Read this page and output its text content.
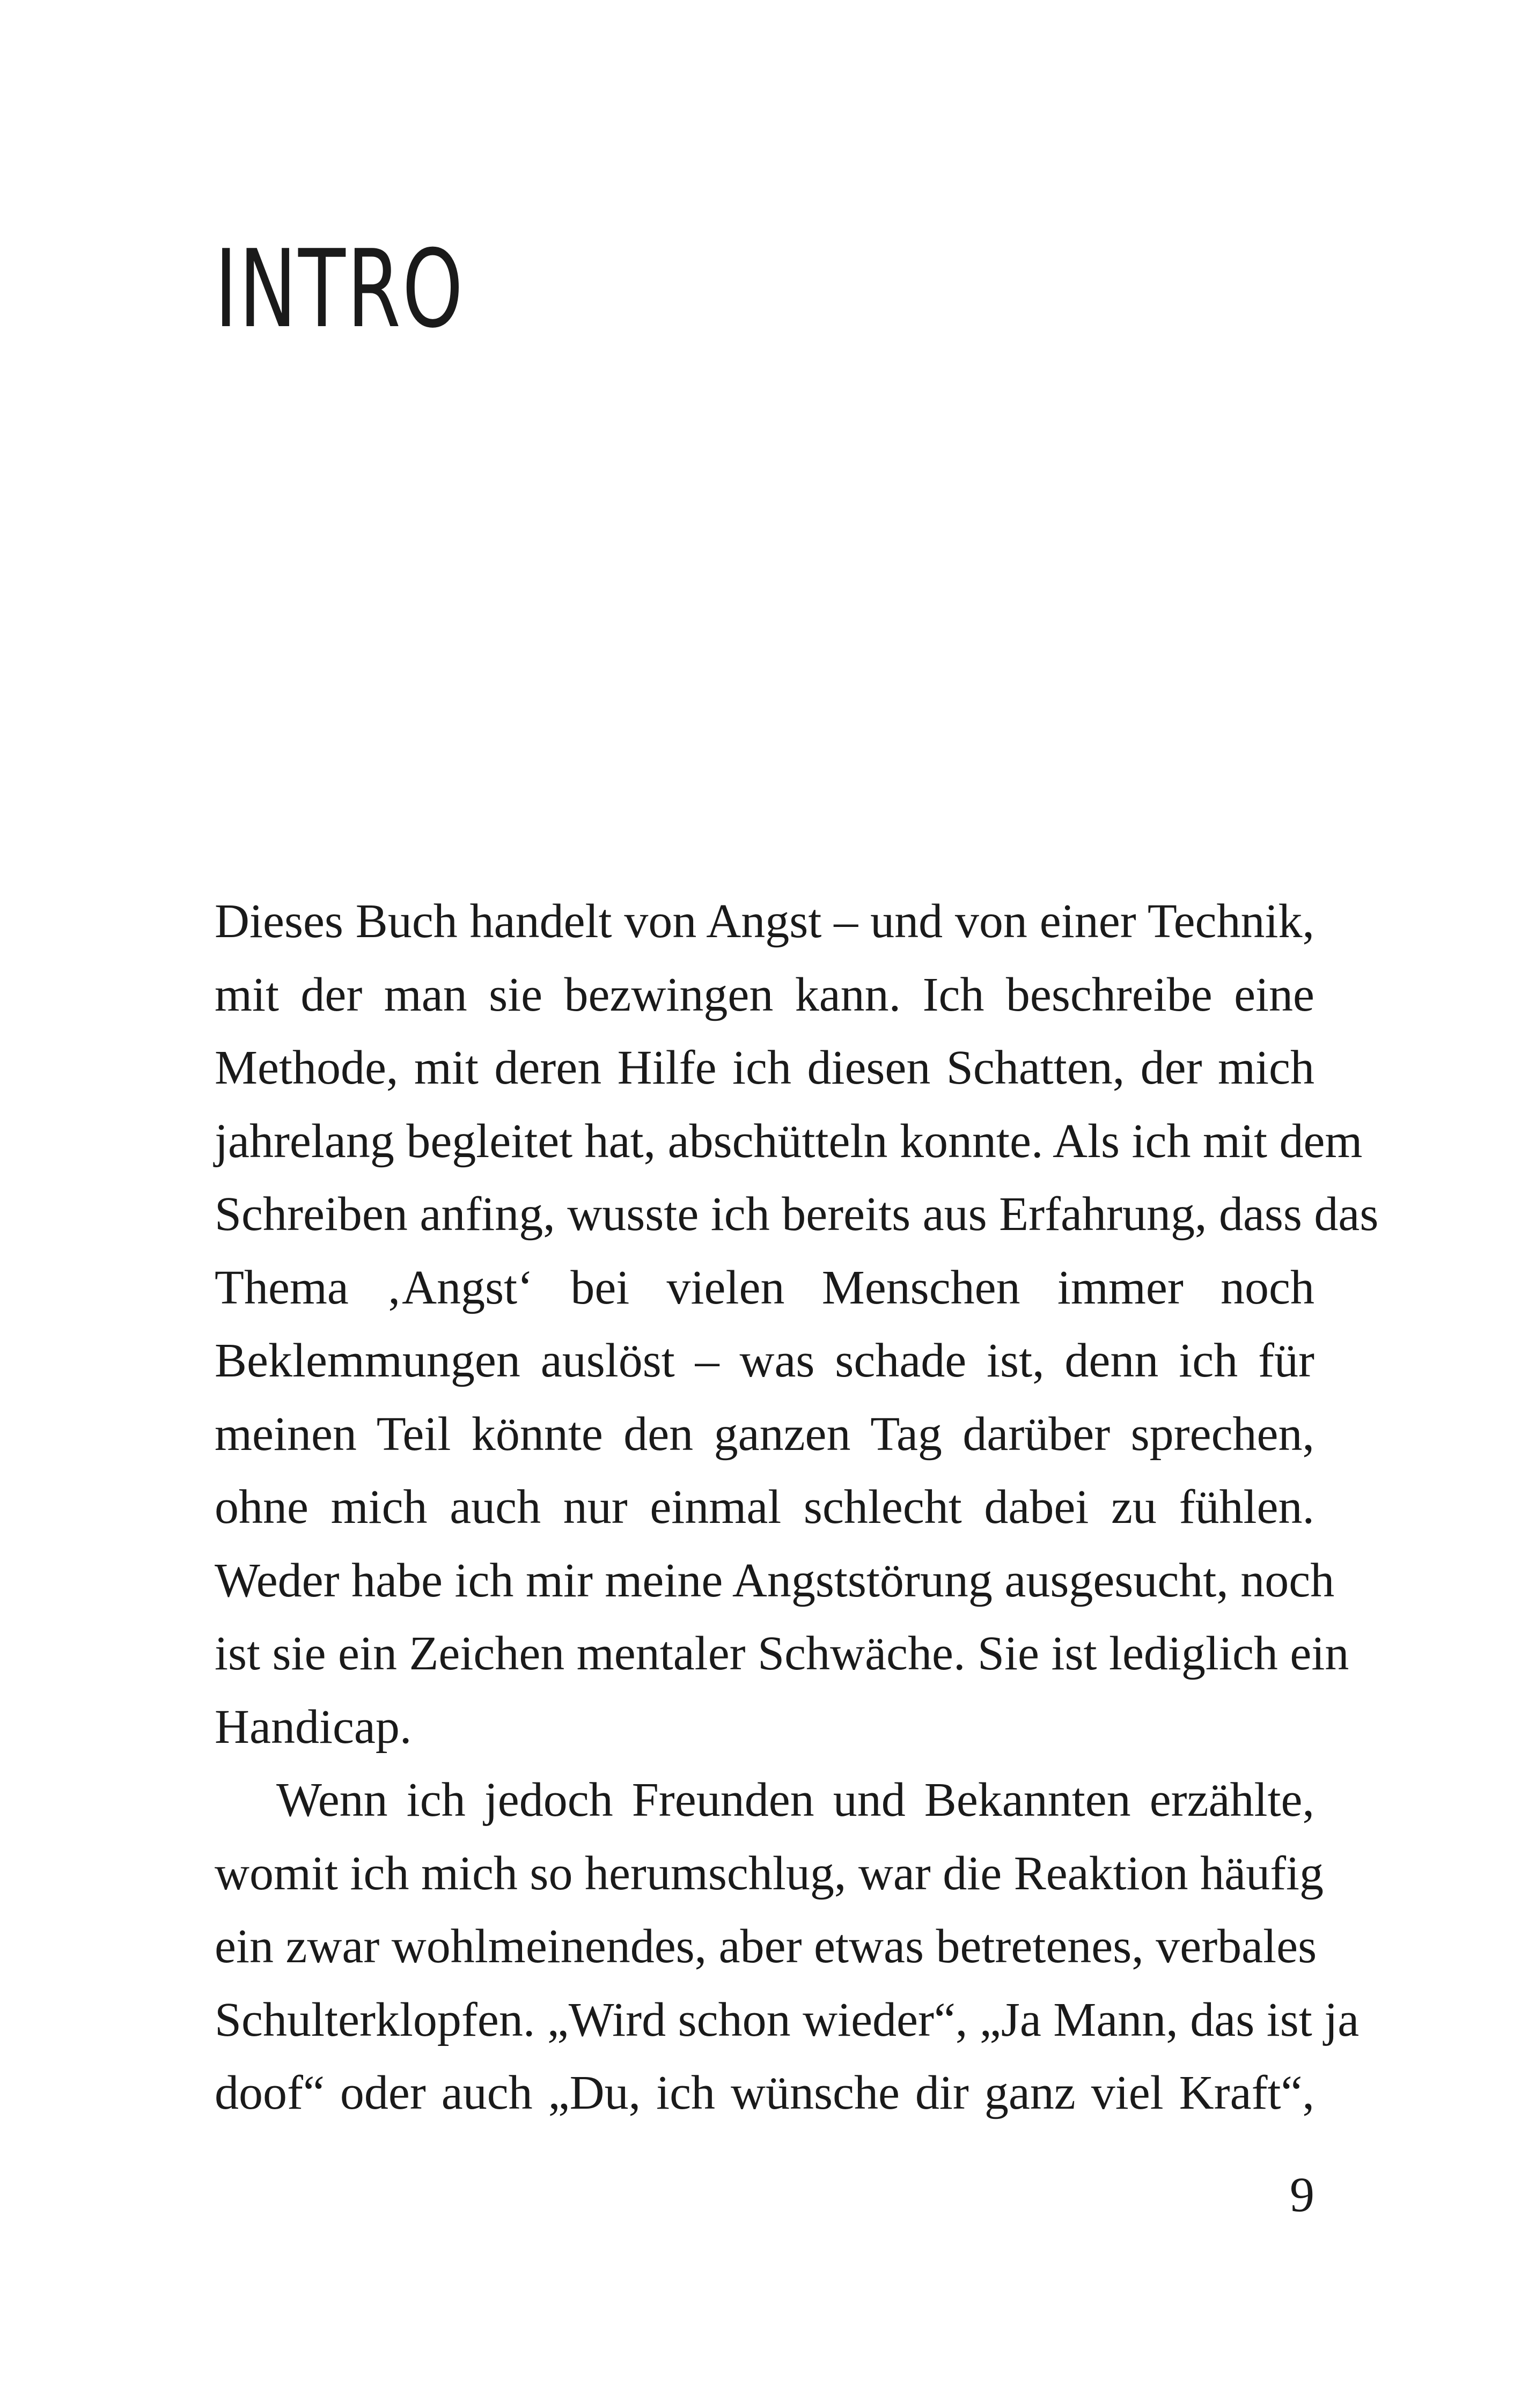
INTRO
Dieses Buch handelt von Angst – und von einer Technik,
mit der man sie bezwingen kann. Ich beschreibe eine
Methode, mit deren Hilfe ich diesen Schatten, der mich
jahrelang begleitet hat, abschütteln konnte. Als ich mit dem
Schreiben anfing, wusste ich bereits aus Erfahrung, dass das
Thema ‚Angst‘ bei vielen Menschen immer noch
Beklemmungen auslöst – was schade ist, denn ich für
meinen Teil könnte den ganzen Tag darüber sprechen,
ohne mich auch nur einmal schlecht dabei zu fühlen.
Weder habe ich mir meine Angststörung ausgesucht, noch
ist sie ein Zeichen mentaler Schwäche. Sie ist lediglich ein
Handicap.
Wenn ich jedoch Freunden und Bekannten erzählte,
womit ich mich so herumschlug, war die Reaktion häufig
ein zwar wohlmeinendes, aber etwas betretenes, verbales
Schulterklopfen. „Wird schon wieder“, „Ja Mann, das ist ja
doof“ oder auch „Du, ich wünsche dir ganz viel Kraft“,
9
